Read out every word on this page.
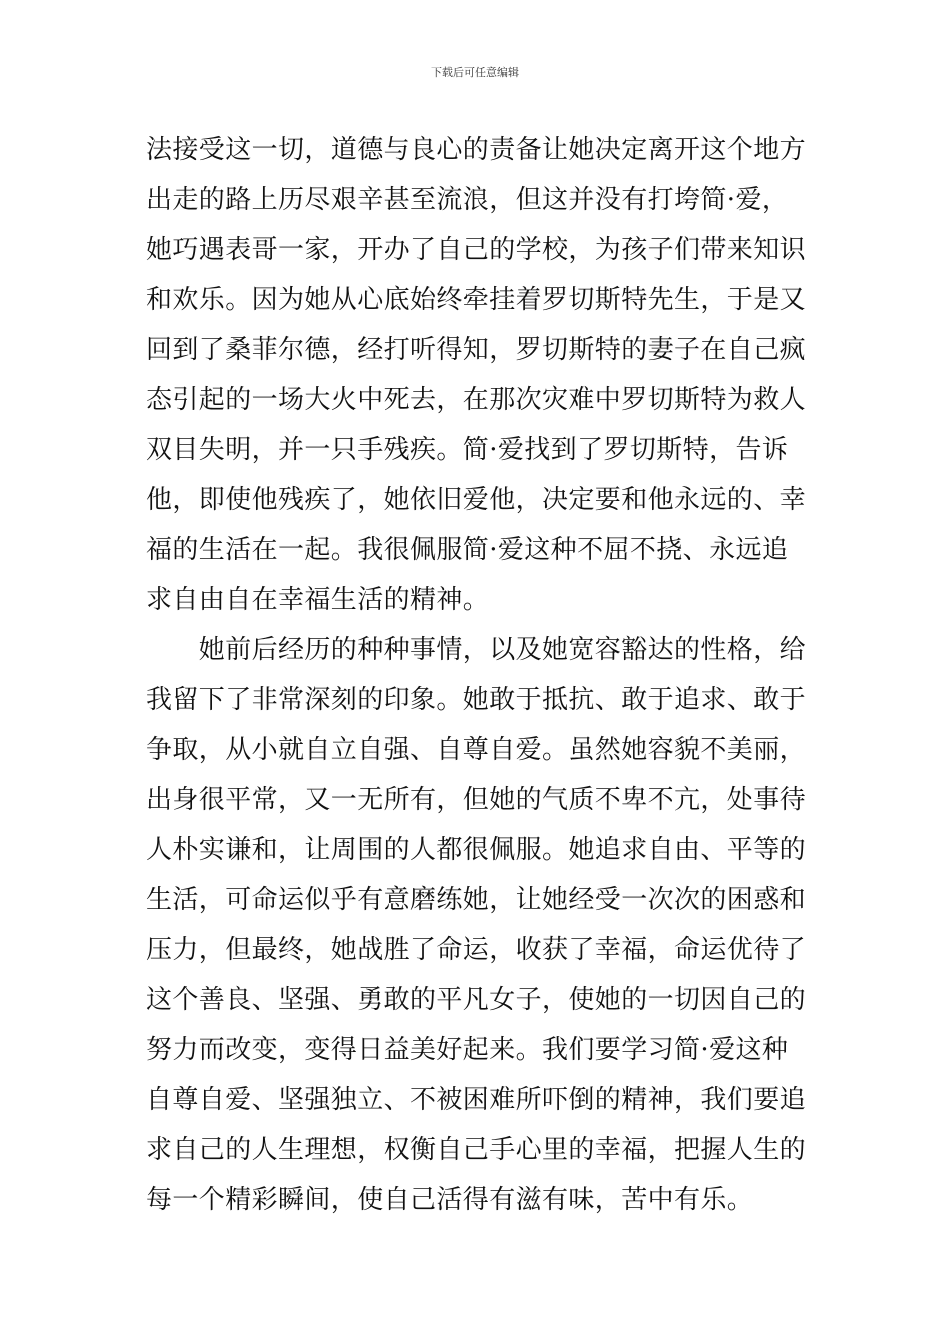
下载后可任意编辑
法接受这一切，道德与良心的责备让她决定离开这个地方
出走的路上历尽艰辛甚至流浪，但这并没有打垮简·爱，
她巧遇表哥一家，开办了自己的学校，为孩子们带来知识
和欢乐。因为她从心底始终牵挂着罗切斯特先生，于是又
回到了桑菲尔德，经打听得知，罗切斯特的妻子在自己疯
态引起的一场大火中死去，在那次灾难中罗切斯特为救人
双目失明，并一只手残疾。简·爱找到了罗切斯特，告诉
他，即使他残疾了，她依旧爱他，决定要和他永远的、幸
福的生活在一起。我很佩服简·爱这种不屈不挠、永远追
求自由自在幸福生活的精神。
　　她前后经历的种种事情，以及她宽容豁达的性格，给
我留下了非常深刻的印象。她敢于抵抗、敢于追求、敢于
争取，从小就自立自强、自尊自爱。虽然她容貌不美丽，
出身很平常，又一无所有，但她的气质不卑不亢，处事待
人朴实谦和，让周围的人都很佩服。她追求自由、平等的
生活，可命运似乎有意磨练她，让她经受一次次的困惑和
压力，但最终，她战胜了命运，收获了幸福，命运优待了
这个善良、坚强、勇敢的平凡女子，使她的一切因自己的
努力而改变，变得日益美好起来。我们要学习简·爱这种
自尊自爱、坚强独立、不被困难所吓倒的精神，我们要追
求自己的人生理想，权衡自己手心里的幸福，把握人生的
每一个精彩瞬间，使自己活得有滋有味，苦中有乐。
